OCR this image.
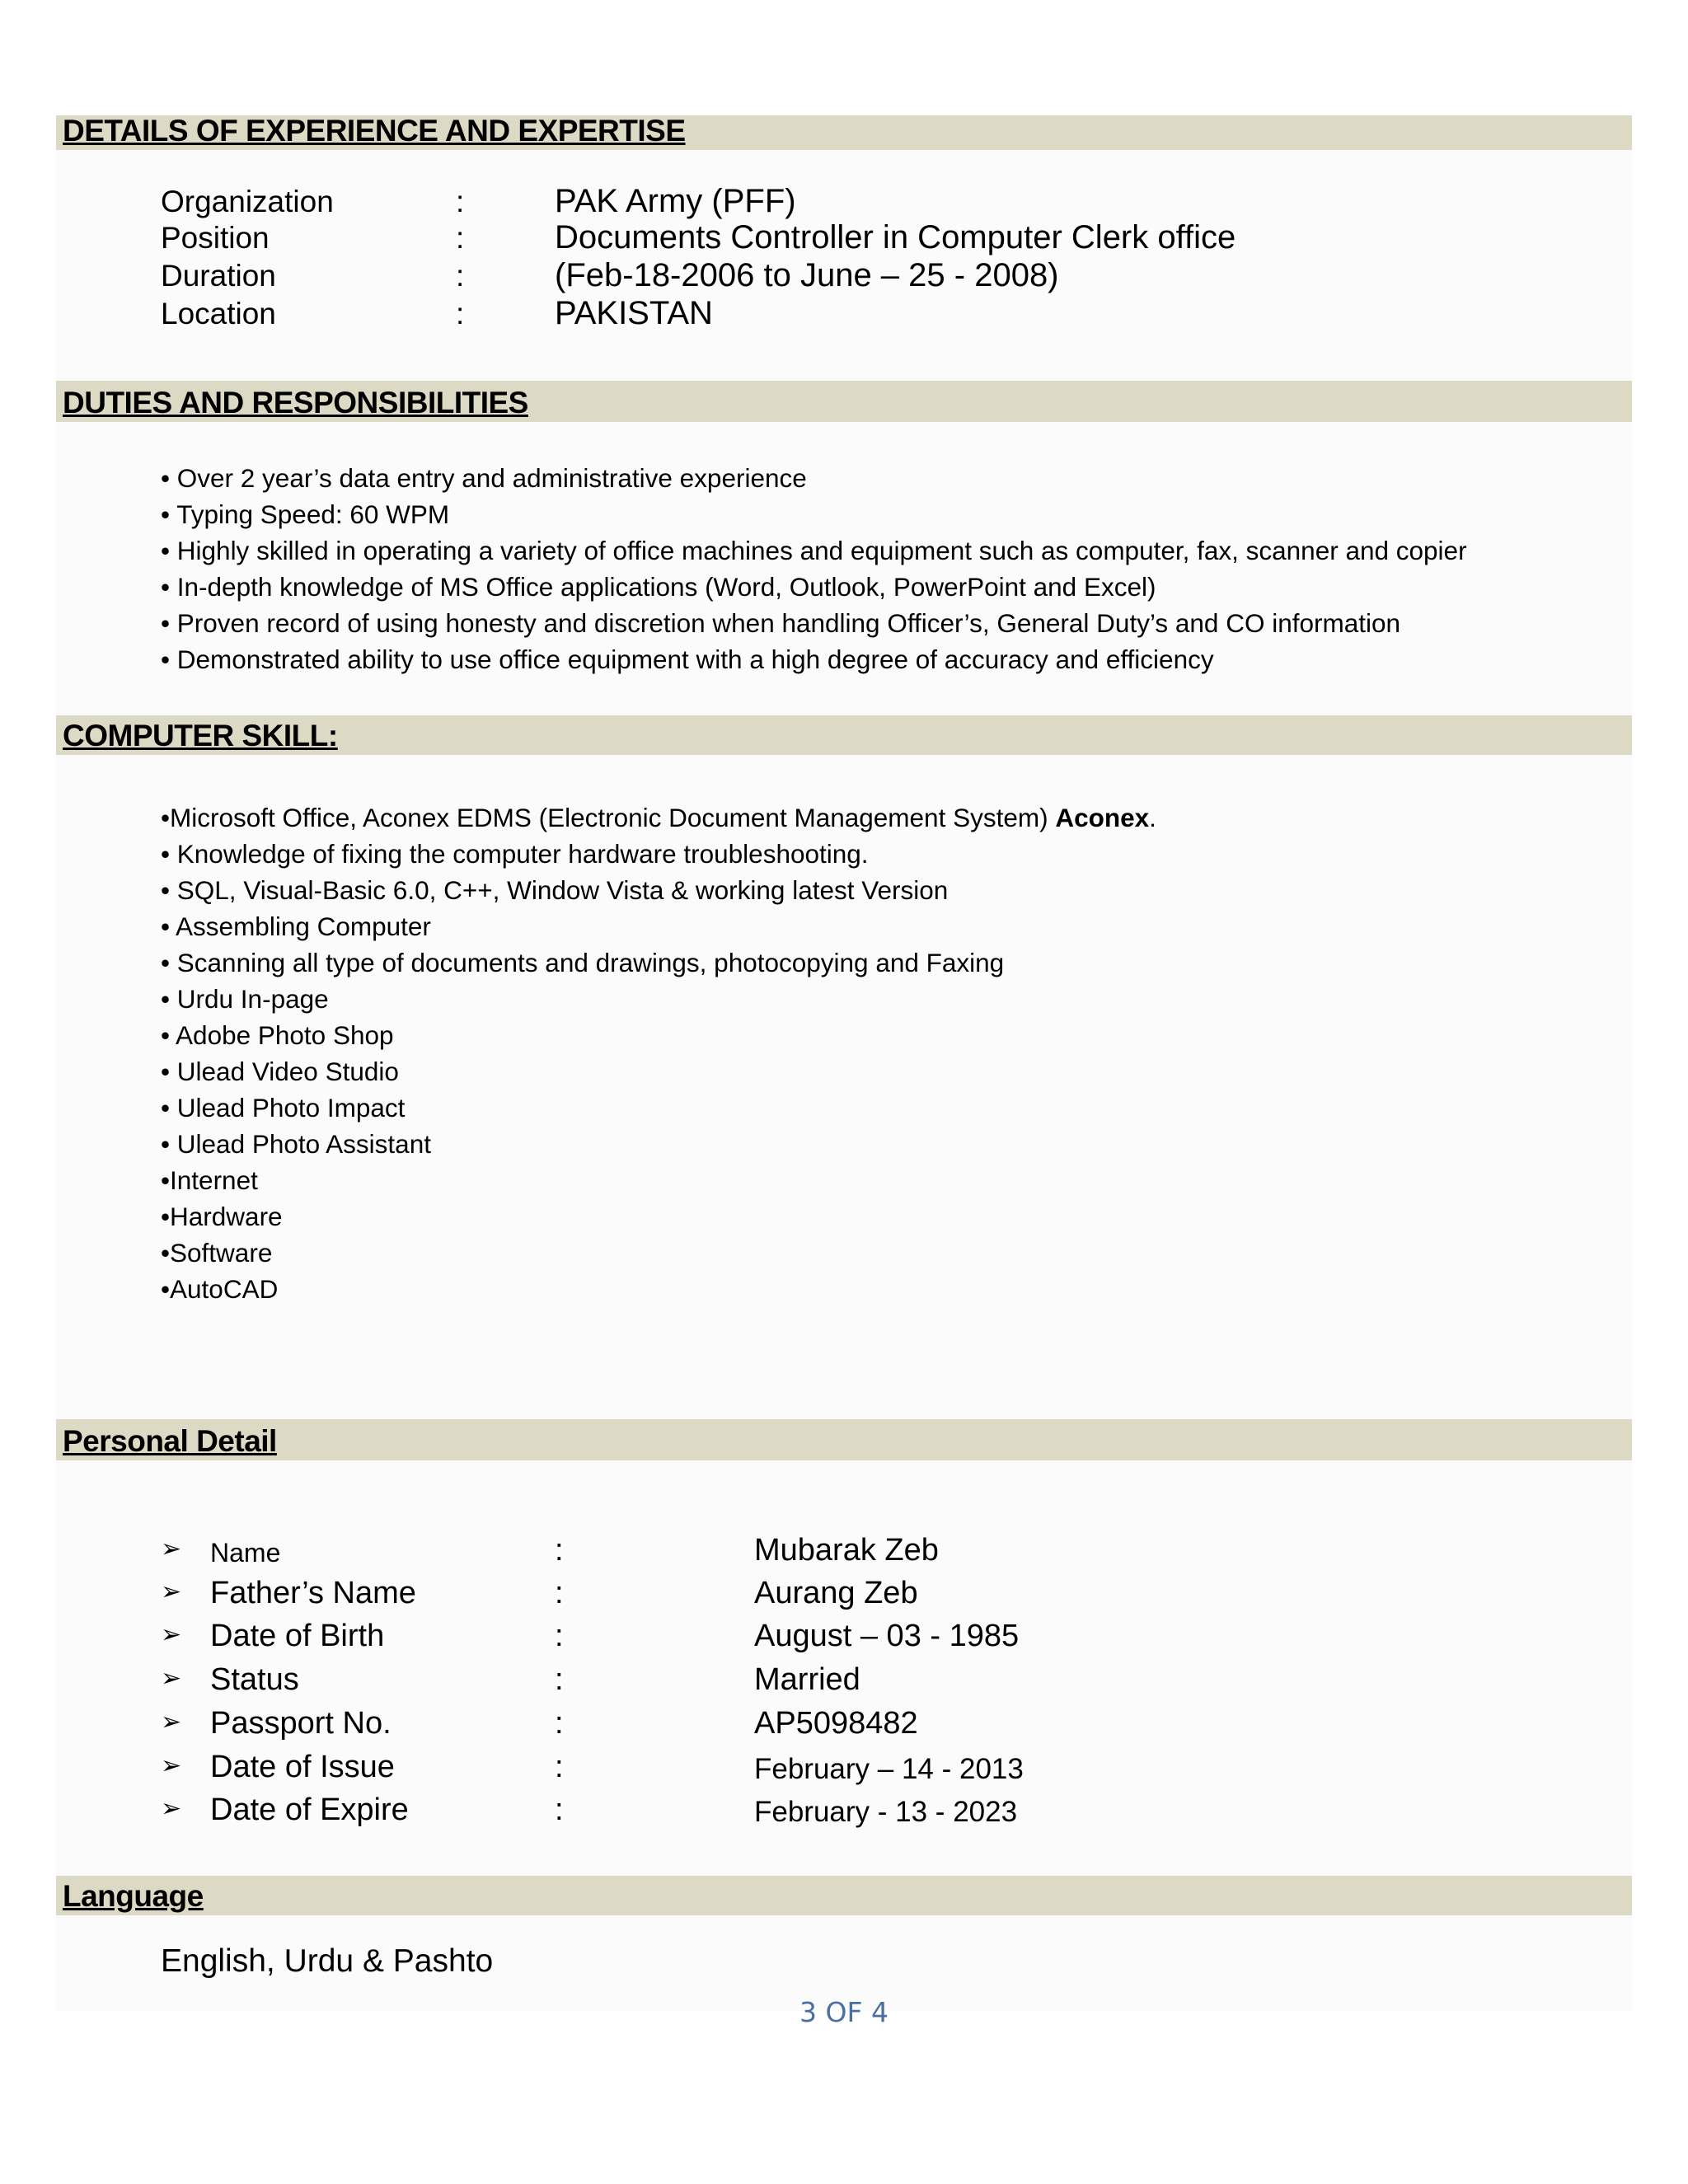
DETAILS OF EXPERIENCE AND EXPERTISE
Organization	:	PAK Army (PFF)
Position	:	Documents Controller in Computer Clerk office
Duration	:	(Feb-18-2006 to June – 25 - 2008)
Location	:	PAKISTAN
DUTIES AND RESPONSIBILITIES
• Over 2 year’s data entry and administrative experience
• Typing Speed: 60 WPM
• Highly skilled in operating a variety of office machines and equipment such as computer, fax, scanner and copier
• In-depth knowledge of MS Office applications (Word, Outlook, PowerPoint and Excel)
• Proven record of using honesty and discretion when handling Officer’s, General Duty’s and CO information
• Demonstrated ability to use office equipment with a high degree of accuracy and efficiency
COMPUTER SKILL:
•Microsoft Office, Aconex EDMS (Electronic Document Management System) Aconex.
• Knowledge of fixing the computer hardware troubleshooting.
• SQL, Visual-Basic 6.0, C++, Window Vista & working latest Version
• Assembling Computer
• Scanning all type of documents and drawings, photocopying and Faxing
• Urdu In-page
• Adobe Photo Shop
• Ulead Video Studio
• Ulead Photo Impact
• Ulead Photo Assistant
•Internet
•Hardware
•Software
•AutoCAD
Personal Detail
➢ Name	:	Mubarak Zeb
➢ Father’s Name	:	Aurang Zeb
➢ Date of Birth	:	August – 03 - 1985
➢ Status	:	Married
➢ Passport No.	:	AP5098482
➢ Date of Issue	:	February – 14 - 2013
➢ Date of Expire	:	February - 13 - 2023
Language
English, Urdu & Pashto
3 OF 4
